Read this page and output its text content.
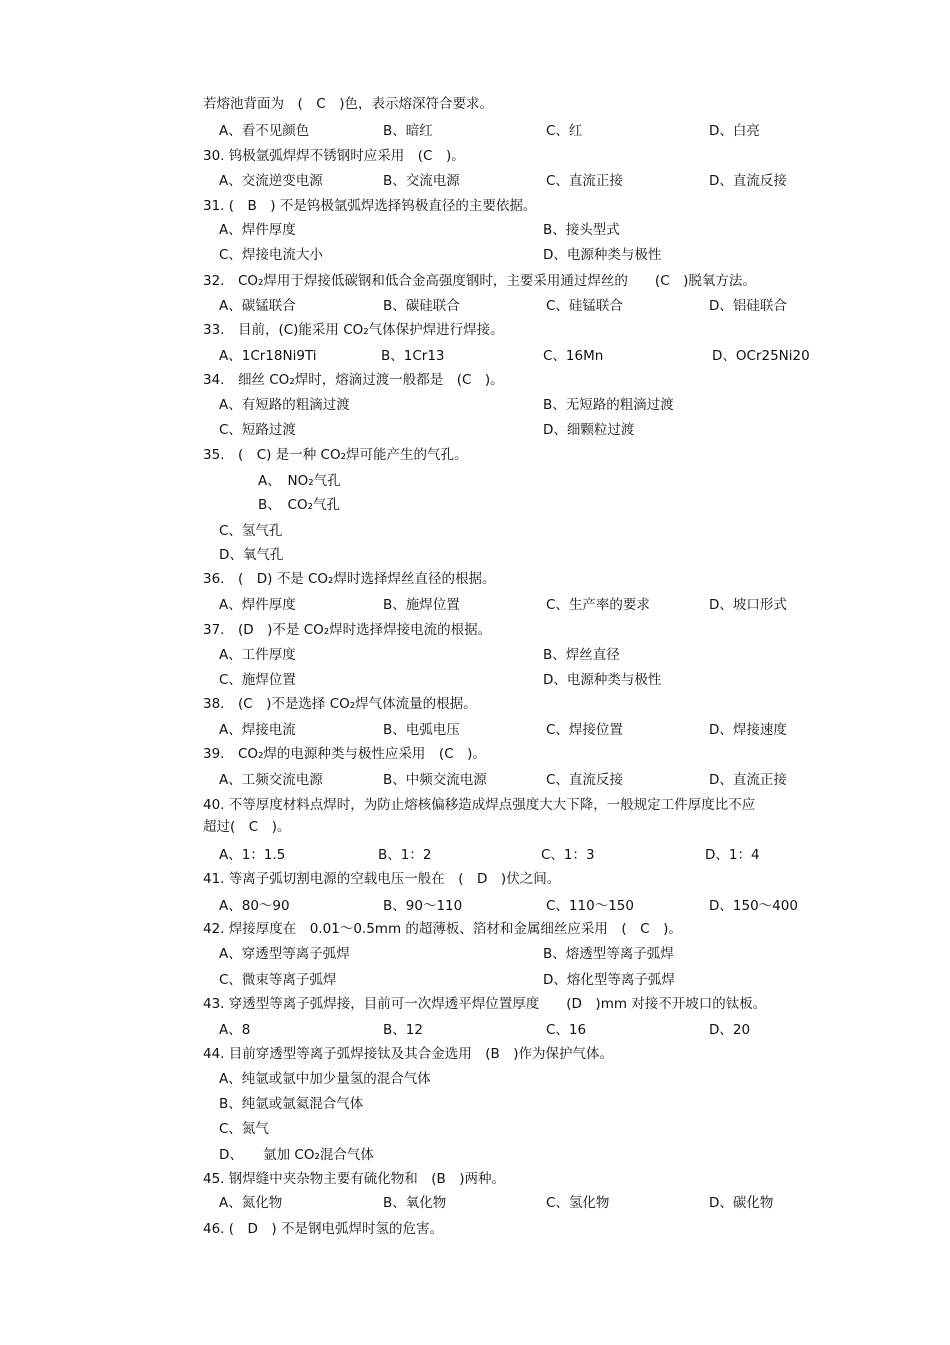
若熔池背面为　(　C　)色，表示熔深符合要求。
A、看不见颜色	B、暗红	C、红	D、白亮
30. 钨极氩弧焊焊不锈钢时应采用　(C　)。
A、交流逆变电源	B、交流电源	C、直流正接	D、直流反接
31. (　B　) 不是钨极氩弧焊选择钨极直径的主要依据。
A、焊件厚度	B、接头型式
C、焊接电流大小	D、电源种类与极性
32.　CO₂焊用于焊接低碳钢和低合金高强度钢时，主要采用通过焊丝的　　(C　)脱氧方法。
A、碳锰联合	B、碳硅联合	C、硅锰联合	D、铝硅联合
33.　目前，(C)能采用 CO₂气体保护焊进行焊接。
A、1Cr18Ni9Ti	B、1Cr13	C、16Mn	D、OCr25Ni20
34.　细丝 CO₂焊时，熔滴过渡一般都是　(C　)。
A、有短路的粗滴过渡	B、无短路的粗滴过渡
C、短路过渡	D、细颗粒过渡
35.　(　C) 是一种 CO₂焊可能产生的气孔。
A、　NO₂气孔
B、　CO₂气孔
C、氢气孔
D、氧气孔
36.　(　D) 不是 CO₂焊时选择焊丝直径的根据。
A、焊件厚度	B、施焊位置	C、生产率的要求	D、坡口形式
37.　(D　)不是 CO₂焊时选择焊接电流的根据。
A、工件厚度	B、焊丝直径
C、施焊位置	D、电源种类与极性
38.　(C　)不是选择 CO₂焊气体流量的根据。
A、焊接电流	B、电弧电压	C、焊接位置	D、焊接速度
39.　CO₂焊的电源种类与极性应采用　(C　)。
A、工频交流电源	B、中频交流电源	C、直流反接	D、直流正接
40. 不等厚度材料点焊时，为防止熔核偏移造成焊点强度大大下降，一般规定工件厚度比不应
超过(　C　)。
A、1：1.5	B、1：2	C、1：3	D、1：4
41. 等离子弧切割电源的空载电压一般在　(　D　)伏之间。
A、80～90	B、90～110	C、110～150	D、150～400
42. 焊接厚度在　0.01～0.5mm 的超薄板、箔材和金属细丝应采用　(　C　)。
A、穿透型等离子弧焊	B、熔透型等离子弧焊
C、微束等离子弧焊	D、熔化型等离子弧焊
43. 穿透型等离子弧焊接，目前可一次焊透平焊位置厚度　　(D　)mm 对接不开坡口的钛板。
A、8	B、12	C、16	D、20
44. 目前穿透型等离子弧焊接钛及其合金选用　(B　)作为保护气体。
A、纯氩或氩中加少量氢的混合气体
B、纯氩或氩氦混合气体
C、氮气
D、　　氩加 CO₂混合气体
45. 钢焊缝中夹杂物主要有硫化物和　(B　)两种。
A、氮化物	B、氧化物	C、氢化物	D、碳化物
46. (　D　) 不是钢电弧焊时氢的危害。
